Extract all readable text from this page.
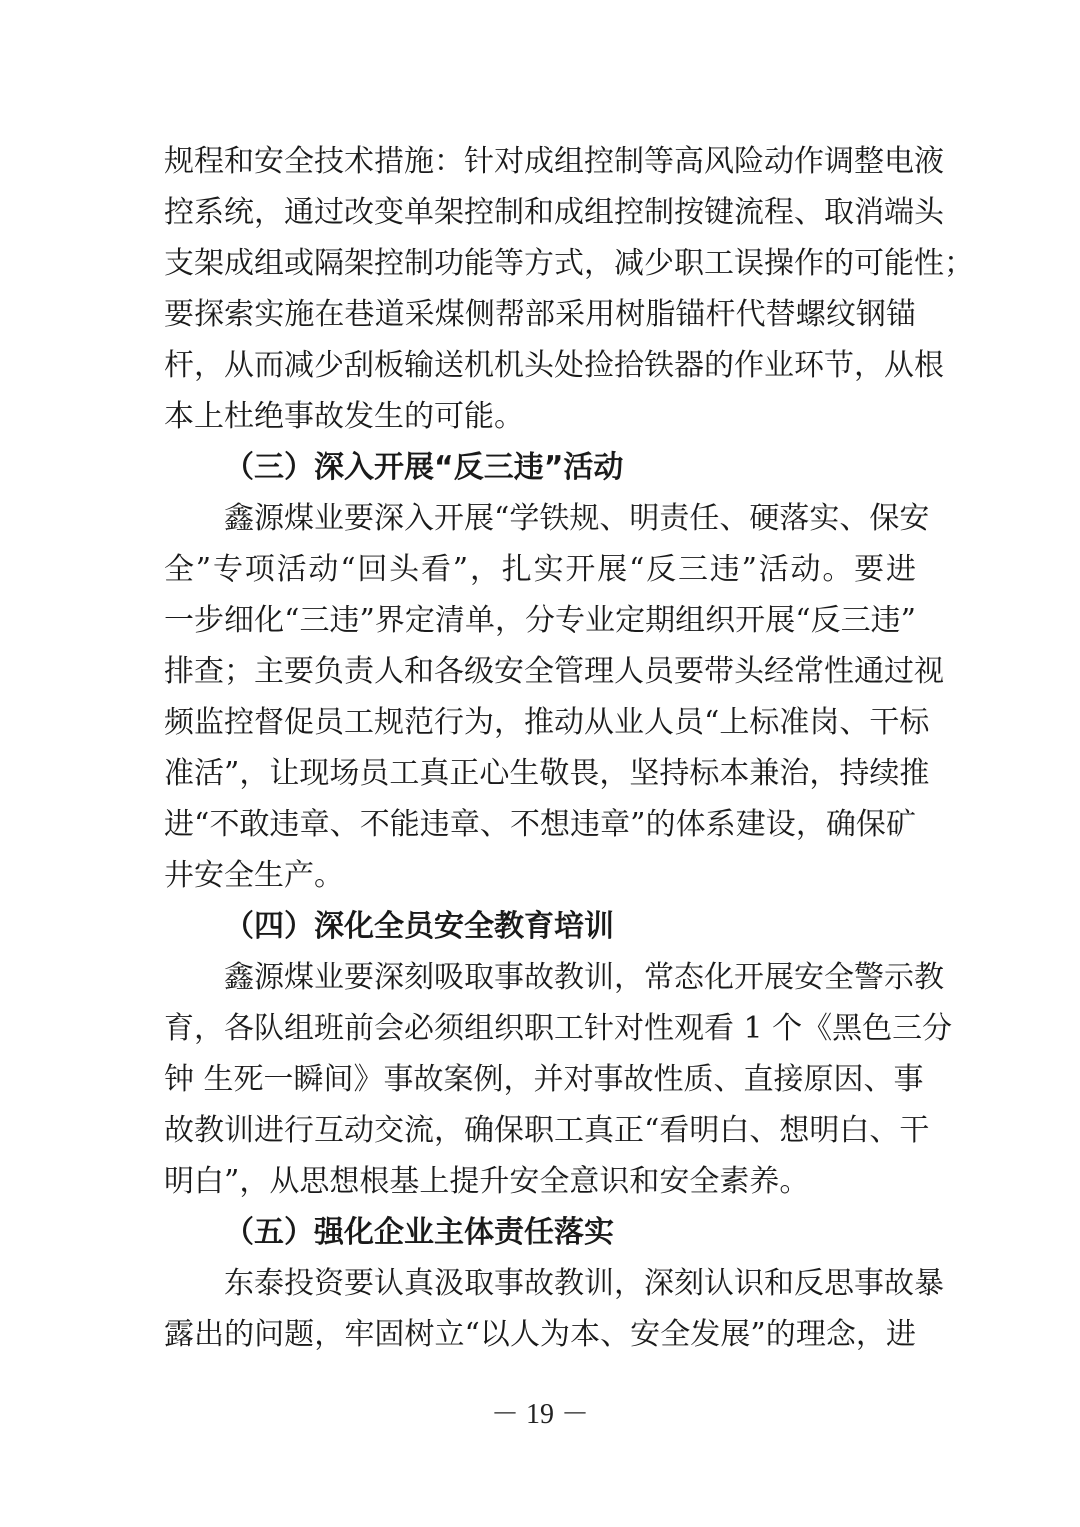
规程和安全技术措施：针对成组控制等高风险动作调整电液
控系统，通过改变单架控制和成组控制按键流程、取消端头
支架成组或隔架控制功能等方式，减少职工误操作的可能性；
要探索实施在巷道采煤侧帮部采用树脂锚杆代替螺纹钢锚
杆，从而减少刮板输送机机头处捡拾铁器的作业环节，从根
本上杜绝事故发生的可能。
（三）深入开展“反三违”活动
鑫源煤业要深入开展“学铁规、明责任、硬落实、保安
全”专项活动“回头看”，扎实开展“反三违”活动。要进
一步细化“三违”界定清单，分专业定期组织开展“反三违”
排查；主要负责人和各级安全管理人员要带头经常性通过视
频监控督促员工规范行为，推动从业人员“上标准岗、干标
准活”，让现场员工真正心生敬畏，坚持标本兼治，持续推
进“不敢违章、不能违章、不想违章”的体系建设，确保矿
井安全生产。
（四）深化全员安全教育培训
鑫源煤业要深刻吸取事故教训，常态化开展安全警示教
育，各队组班前会必须组织职工针对性观看 1 个《黑色三分
钟 生死一瞬间》事故案例，并对事故性质、直接原因、事
故教训进行互动交流，确保职工真正“看明白、想明白、干
明白”，从思想根基上提升安全意识和安全素养。
（五）强化企业主体责任落实
东泰投资要认真汲取事故教训，深刻认识和反思事故暴
露出的问题，牢固树立“以人为本、安全发展”的理念，进
－ 19 －
